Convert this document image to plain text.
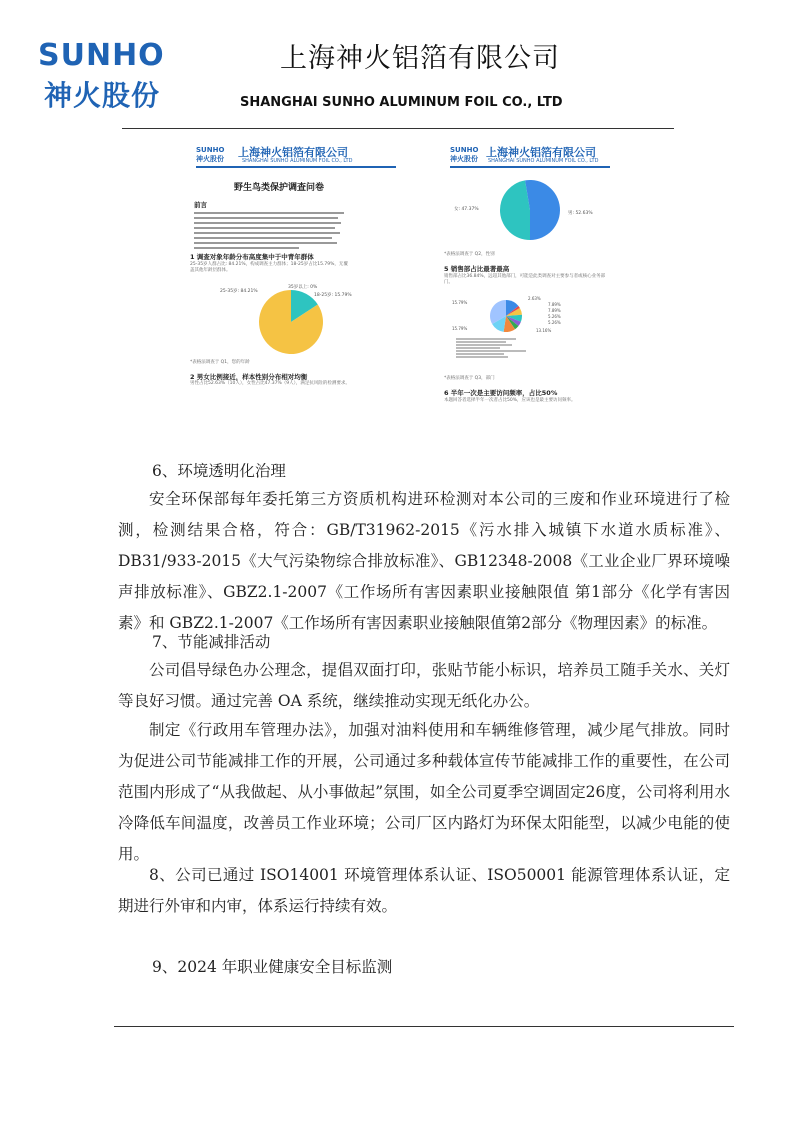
SUNHO
神火股份
上海神火铝箔有限公司
SHANGHAI SUNHO ALUMINUM FOIL CO., LTD
SUNHO
神火股份 上海神火铝箔有限公司
SHANGHAI SUNHO ALUMINUM FOIL CO., LTD
野生鸟类保护调查问卷
前言
1 调查对象年龄分布高度集中于中青年群体
25-35岁人群占比: 84.21%，构成调查主力群体；18-25岁占比15.79%，无覆盖其他年龄层群体。
25-35岁: 84.21%
18-25岁: 15.79%
35岁以上: 0%
*表格法调查于 Q1，您的年龄
2 男女比例接近，样本性别分布相对均衡
男性占比52.63%（10人），女性占比47.37%（9人），满足抗风险的检测要求。
SUNHO
神火股份 上海神火铝箔有限公司
SHANGHAI SUNHO ALUMINUM FOIL CO., LTD
女: 47.37%
男: 52.63%
*表格法调查于 Q2，性别
5 销售部占比最著最高
销售部占比36.84%，远超其他部门，可能是此类调查对主要参与者或核心业务部门。
15.79%
2.63%
7.89%
7.89%
5.26%
5.26%
13.16%
15.79%
*表格法调查于 Q3，部门
6 半年一次是主要访问频率，占比50%
本题回答者选择半年一次者占比50%，应该也是最主要访问频率。
6、环境透明化治理

安全环保部每年委托第三方资质机构进环检测对本公司的三废和作业环境进行了检测，检测结果合格，符合：GB/T31962-2015《污水排入城镇下水道水质标准》、DB31/933-2015《大气污染物综合排放标准》、GB12348-2008《工业企业厂界环境噪声排放标准》、GBZ2.1-2007《工作场所有害因素职业接触限值 第1部分《化学有害因素》和 GBZ2.1-2007《工作场所有害因素职业接触限值第2部分《物理因素》的标准。

7、节能减排活动

公司倡导绿色办公理念，提倡双面打印，张贴节能小标识，培养员工随手关水、关灯等良好习惯。通过完善 OA 系统，继续推动实现无纸化办公。

制定《行政用车管理办法》，加强对油料使用和车辆维修管理，减少尾气排放。同时为促进公司节能减排工作的开展，公司通过多种载体宣传节能减排工作的重要性，在公司范围内形成了“从我做起、从小事做起”氛围，如全公司夏季空调固定26度，公司将利用水冷降低车间温度，改善员工作业环境；公司厂区内路灯为环保太阳能型，以减少电能的使用。

8、公司已通过 ISO14001 环境管理体系认证、ISO50001 能源管理体系认证，定期进行外审和内审，体系运行持续有效。

9、2024 年职业健康安全目标监测
